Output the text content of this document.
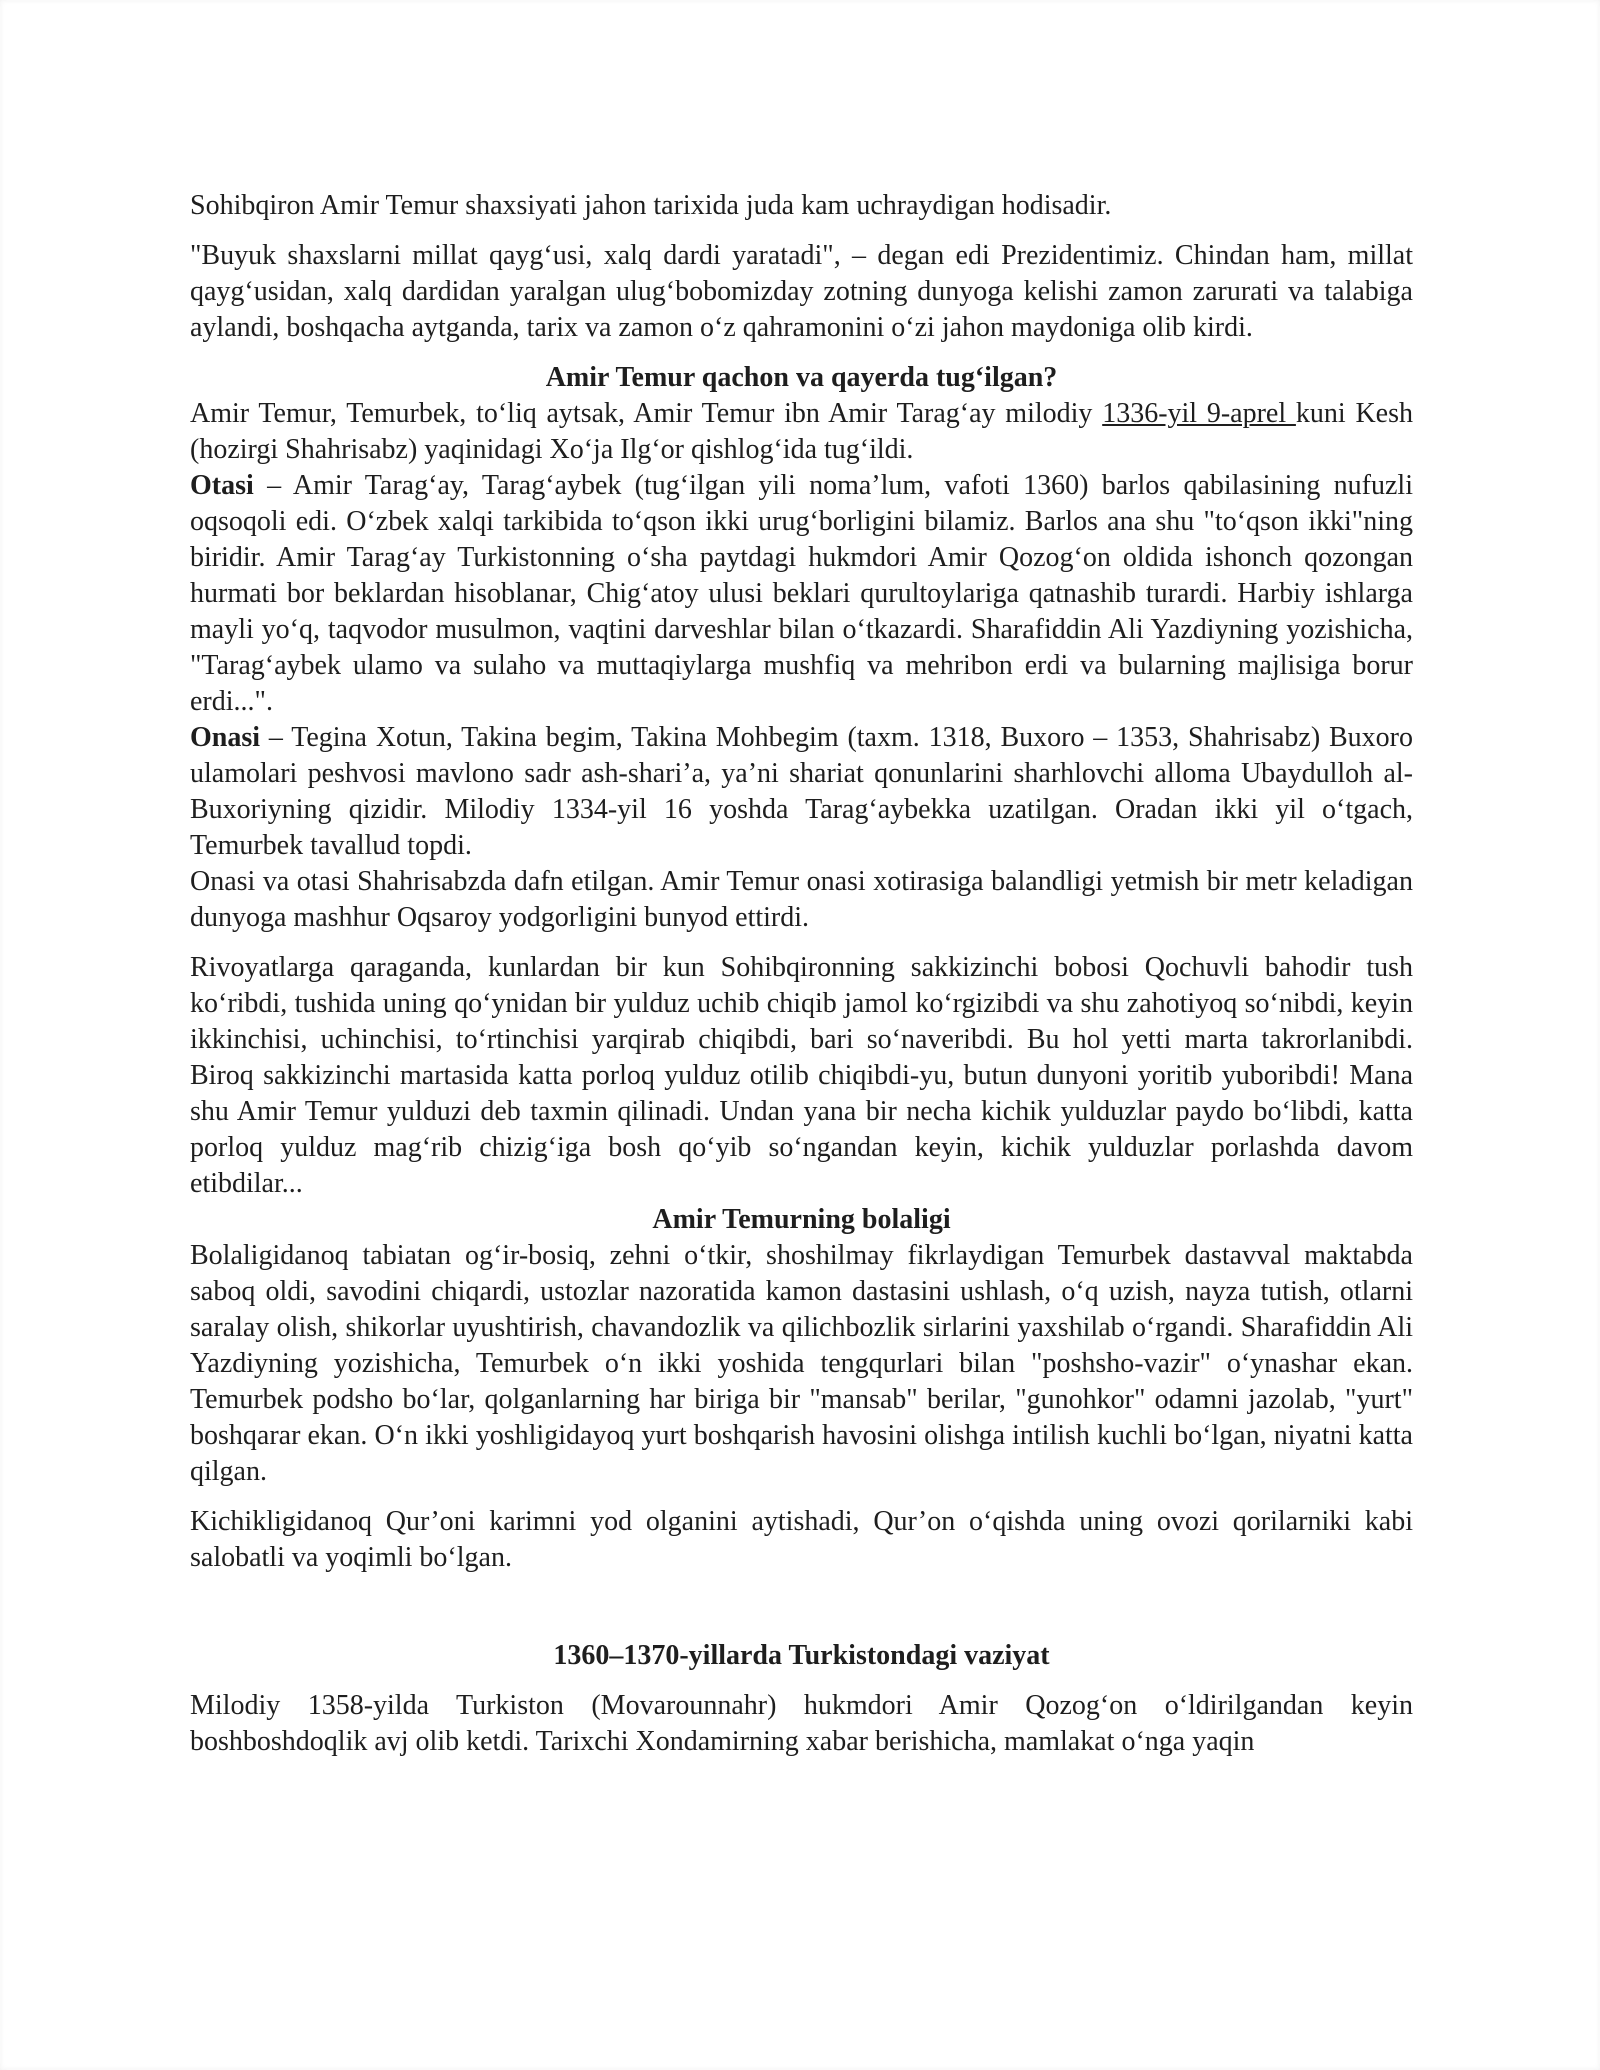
Sohibqiron Amir Temur shaxsiyati jahon tarixida juda kam uchraydigan hodisadir.

"Buyuk shaxslarni millat qayg‘usi, xalq dardi yaratadi", – degan edi Prezidentimiz. Chindan ham, millat qayg‘usidan, xalq dardidan yaralgan ulug‘bobomizday zotning dunyoga kelishi zamon zarurati va talabiga aylandi, boshqacha aytganda, tarix va zamon o‘z qahramonini o‘zi jahon maydoniga olib kirdi.

Amir Temur qachon va qayerda tug‘ilgan?

Amir Temur, Temurbek, to‘liq aytsak, Amir Temur ibn Amir Tarag‘ay milodiy 1336-yil 9-aprel kuni Kesh (hozirgi Shahrisabz) yaqinidagi Xo‘ja Ilg‘or qishlog‘ida tug‘ildi.

Otasi – Amir Tarag‘ay, Tarag‘aybek (tug‘ilgan yili noma’lum, vafoti 1360) barlos qabilasining nufuzli oqsoqoli edi. O‘zbek xalqi tarkibida to‘qson ikki urug‘borligini bilamiz. Barlos ana shu "to‘qson ikki"ning biridir. Amir Tarag‘ay Turkistonning o‘sha paytdagi hukmdori Amir Qozog‘on oldida ishonch qozongan hurmati bor beklardan hisoblanar, Chig‘atoy ulusi beklari qurultoylariga qatnashib turardi. Harbiy ishlarga mayli yo‘q, taqvodor musulmon, vaqtini darveshlar bilan o‘tkazardi. Sharafiddin Ali Yazdiyning yozishicha, "Tarag‘aybek ulamo va sulaho va muttaqiylarga mushfiq va mehribon erdi va bularning majlisiga borur erdi...".

Onasi – Tegina Xotun, Takina begim, Takina Mohbegim (taxm. 1318, Buxoro – 1353, Shahrisabz) Buxoro ulamolari peshvosi mavlono sadr ash-shari’a, ya’ni shariat qonunlarini sharhlovchi alloma Ubaydulloh al-Buxoriyning qizidir. Milodiy 1334-yil 16 yoshda Tarag‘aybekka uzatilgan. Oradan ikki yil o‘tgach, Temurbek tavallud topdi.

Onasi va otasi Shahrisabzda dafn etilgan. Amir Temur onasi xotirasiga balandligi yetmish bir metr keladigan dunyoga mashhur Oqsaroy yodgorligini bunyod ettirdi.

Rivoyatlarga qaraganda, kunlardan bir kun Sohibqironning sakkizinchi bobosi Qochuvli bahodir tush ko‘ribdi, tushida uning qo‘ynidan bir yulduz uchib chiqib jamol ko‘rgizibdi va shu zahotiyoq so‘nibdi, keyin ikkinchisi, uchinchisi, to‘rtinchisi yarqirab chiqibdi, bari so‘naveribdi. Bu hol yetti marta takrorlanibdi. Biroq sakkizinchi martasida katta porloq yulduz otilib chiqibdi-yu, butun dunyoni yoritib yuboribdi! Mana shu Amir Temur yulduzi deb taxmin qilinadi. Undan yana bir necha kichik yulduzlar paydo bo‘libdi, katta porloq yulduz mag‘rib chizig‘iga bosh qo‘yib so‘ngandan keyin, kichik yulduzlar porlashda davom etibdilar...

Amir Temurning bolaligi

Bolaligidanoq tabiatan og‘ir-bosiq, zehni o‘tkir, shoshilmay fikrlaydigan Temurbek dastavval maktabda saboq oldi, savodini chiqardi, ustozlar nazoratida kamon dastasini ushlash, o‘q uzish, nayza tutish, otlarni saralay olish, shikorlar uyushtirish, chavandozlik va qilichbozlik sirlarini yaxshilab o‘rgandi. Sharafiddin Ali Yazdiyning yozishicha, Temurbek o‘n ikki yoshida tengqurlari bilan "poshsho-vazir" o‘ynashar ekan. Temurbek podsho bo‘lar, qolganlarning har biriga bir "mansab" berilar, "gunohkor" odamni jazolab, "yurt" boshqarar ekan. O‘n ikki yoshligidayoq yurt boshqarish havosini olishga intilish kuchli bo‘lgan, niyatni katta qilgan.

Kichikligidanoq Qur’oni karimni yod olganini aytishadi, Qur’on o‘qishda uning ovozi qorilarniki kabi salobatli va yoqimli bo‘lgan.

1360–1370-yillarda Turkistondagi vaziyat

Milodiy 1358-yilda Turkiston (Movarounnahr) hukmdori Amir Qozog‘on o‘ldirilgandan keyin boshboshdoqlik avj olib ketdi. Tarixchi Xondamirning xabar berishicha, mamlakat o‘nga yaqin
